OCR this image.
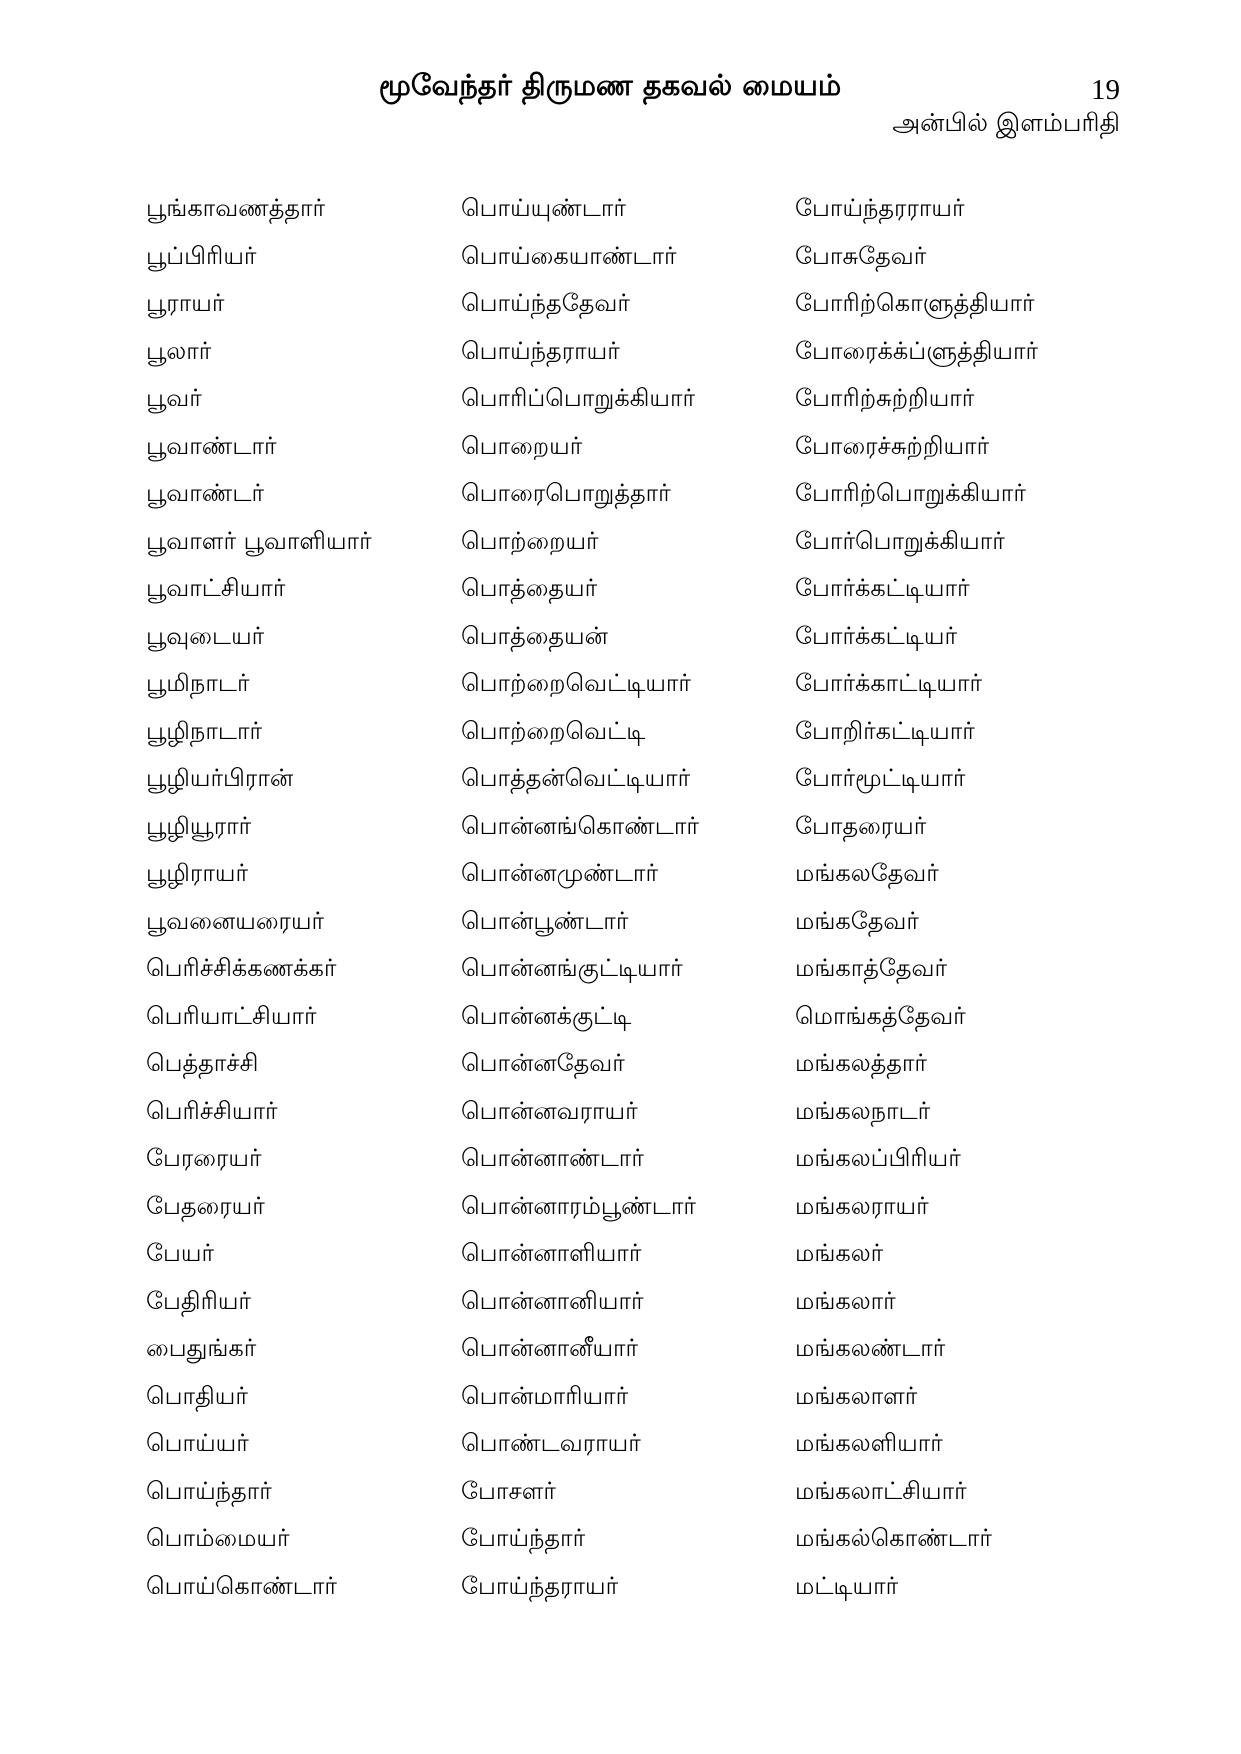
மூவேந்தர் திருமண தகவல் மையம்	19
அன்பில் இளம்பரிதி
பூங்காவணத்தார்
பூப்பிரியர்
பூராயர்
பூலார்
பூவர்
பூவாண்டார்
பூவாண்டர்
பூவாளர் பூவாளியார்
பூவாட்சியார்
பூவுடையர்
பூமிநாடர்
பூழிநாடார்
பூழியர்பிரான்
பூழியூரார்
பூழிராயர்
பூவனையரையர்
பெரிச்சிக்கணக்கர்
பெரியாட்சியார்
பெத்தாச்சி
பெரிச்சியார்
பேரரையர்
பேதரையர்
பேயர்
பேதிரியர்
பைதுங்கர்
பொதியர்
பொய்யர்
பொய்ந்தார்
பொம்மையர்
பொய்கொண்டார்
பொய்யுண்டார்
பொய்கையாண்டார்
பொய்ந்ததேவர்
பொய்ந்தராயர்
பொரிப்பொறுக்கியார்
பொறையர்
பொரைபொறுத்தார்
பொற்றையர்
பொத்தையர்
பொத்தையன்
பொற்றைவெட்டியார்
பொற்றைவெட்டி
பொத்தன்வெட்டியார்
பொன்னங்கொண்டார்
பொன்னமுண்டார்
பொன்பூண்டார்
பொன்னங்குட்டியார்
பொன்னக்குட்டி
பொன்னதேவர்
பொன்னவராயர்
பொன்னாண்டார்
பொன்னாரம்பூண்டார்
பொன்னாளியார்
பொன்னானியார்
பொன்னானீயார்
பொன்மாரியார்
பொண்டவராயர்
போசளர்
போய்ந்தார்
போய்ந்தராயர்
போய்ந்தரராயர்
போசுதேவர்
போரிற்கொளுத்தியார்
போரைக்க்ப்ளுத்தியார்
போரிற்சுற்றியார்
போரைச்சுற்றியார்
போரிற்பொறுக்கியார்
போர்பொறுக்கியார்
போர்க்கட்டியார்
போர்க்கட்டியர்
போர்க்காட்டியார்
போறிர்கட்டியார்
போர்மூட்டியார்
போதரையர்
மங்கலதேவர்
மங்கதேவர்
மங்காத்தேவர்
மொங்கத்தேவர்
மங்கலத்தார்
மங்கலநாடர்
மங்கலப்பிரியர்
மங்கலராயர்
மங்கலர்
மங்கலார்
மங்கலண்டார்
மங்கலாளர்
மங்கலளியார்
மங்கலாட்சியார்
மங்கல்கொண்டார்
மட்டியார்
